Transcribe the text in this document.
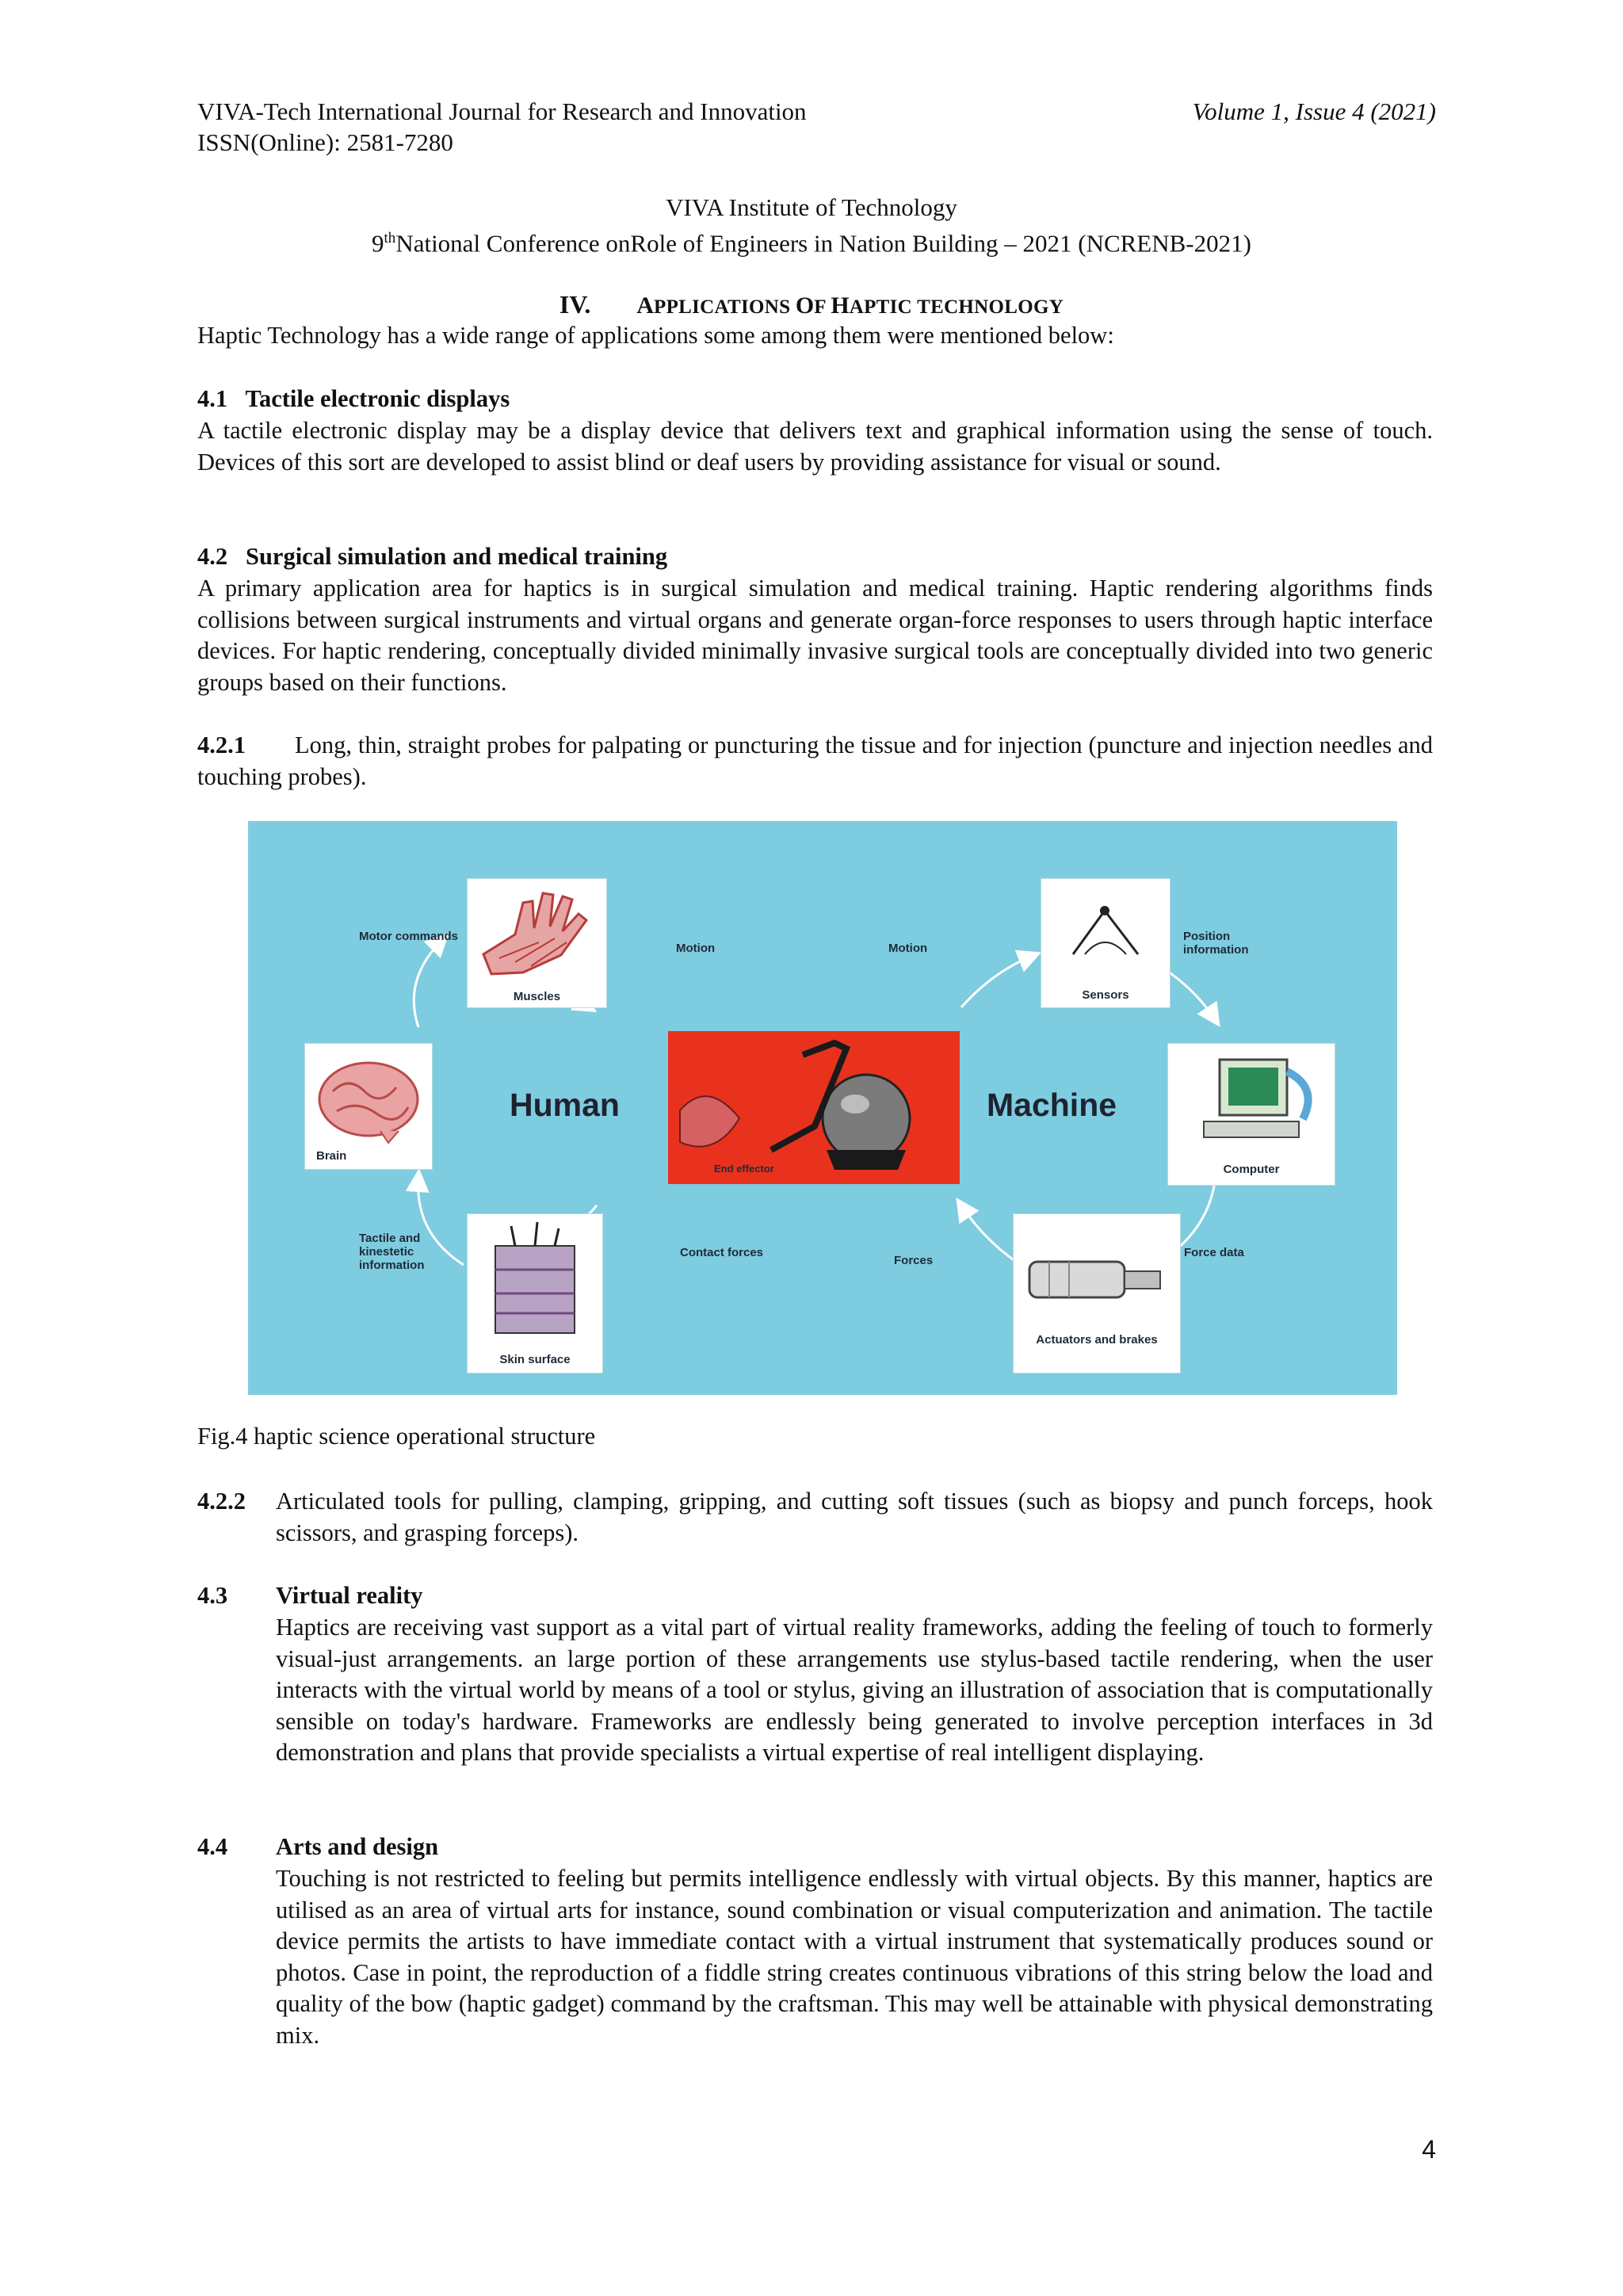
VIVA-Tech International Journal for Research and Innovation	Volume 1, Issue 4 (2021)
ISSN(Online): 2581-7280
VIVA Institute of Technology
9thNational Conference onRole of Engineers in Nation Building – 2021 (NCRENB-2021)
IV. APPLICATIONS OF HAPTIC TECHNOLOGY
Haptic Technology has a wide range of applications some among them were mentioned below:
4.1   Tactile electronic displays
A tactile electronic display may be a display device that delivers text and graphical information using the sense of touch. Devices of this sort are developed to assist blind or deaf users by providing assistance for visual or sound.
4.2   Surgical simulation and medical training
A primary application area for haptics is in surgical simulation and medical training. Haptic rendering algorithms finds collisions between surgical instruments and virtual organs and generate organ-force responses to users through haptic interface devices. For haptic rendering, conceptually divided minimally invasive surgical tools are conceptually divided into two generic groups based on their functions.
4.2.1	Long, thin, straight probes for palpating or puncturing the tissue and for injection (puncture and injection needles and touching probes).
Muscles	Sensors
Brain
End effector
Human	Machine
Computer
Skin surface
Actuators and brakes
Motor commands
Motion	Motion
Position information
Tactile and kinestetic information
Contact forces
Forces
Force data
Fig.4 haptic science operational structure
4.2.2 Articulated tools for pulling, clamping, gripping, and cutting soft tissues (such as biopsy and punch forceps, hook scissors, and grasping forceps).
4.3 Virtual reality
Haptics are receiving vast support as a vital part of virtual reality frameworks, adding the feeling of touch to formerly visual-just arrangements. an large portion of these arrangements use stylus-based tactile rendering, when the user interacts with the virtual world by means of a tool or stylus, giving an illustration of association that is computationally sensible on today's hardware. Frameworks are endlessly being generated to involve perception interfaces in 3d demonstration and plans that provide specialists a virtual expertise of real intelligent displaying.
4.4 Arts and design
Touching is not restricted to feeling but permits intelligence endlessly with virtual objects. By this manner, haptics are utilised as an area of virtual arts for instance, sound combination or visual computerization and animation. The tactile device permits the artists to have immediate contact with a virtual instrument that systematically produces sound or photos. Case in point, the reproduction of a fiddle string creates continuous vibrations of this string below the load and quality of the bow (haptic gadget) command by the craftsman. This may well be attainable with physical demonstrating mix.
4
